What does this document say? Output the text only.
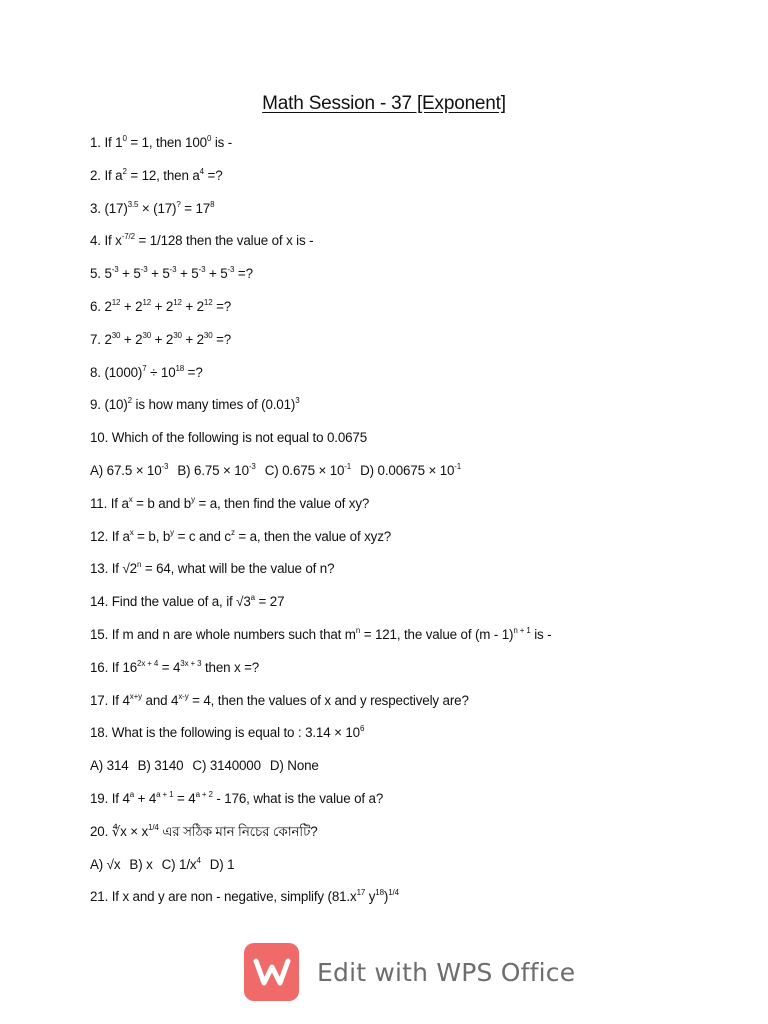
Math Session - 37 [Exponent]
1. If $1^0 = 1$, then $100^0$ is -
2. If $a^2 = 12$, then $a^4$ =?
3. $(17)^{3.5} \times (17)^? = 17^8$
4. If $x^{-7/2} = 1/128$ then the value of x is -
5. $5^{-3} + 5^{-3} + 5^{-3} + 5^{-3} + 5^{-3}$ =?
6. $2^{12} + 2^{12} + 2^{12} + 2^{12}$ =?
7. $2^{30} + 2^{30} + 2^{30} + 2^{30}$ =?
8. $(1000)^7 \div 10^{18}$ =?
9. $(10)^2$ is how many times of $(0.01)^3$
10. Which of the following is not equal to 0.0675
A) $67.5 \times 10^{-3}$ B) $6.75 \times 10^{-3}$ C) $0.675 \times 10^{-1}$ D) $0.00675 \times 10^{-1}$
11. If $a^x = b$ and $b^y = a$, then find the value of xy?
12. If $a^x = b$, $b^y = c$ and $c^z = a$, then the value of xyz?
13. If $√2^n = 64$, what will be the value of n?
14. Find the value of a, if $√3^a = 27$
15. If m and n are whole numbers such that $m^n = 121$, the value of (m - 1)$^{n + 1}$ is -
16. If $16^{2x + 4} = 4^{3x + 3}$ then x =?
17. If $4^{x+y}$ and $4^{x-y} = 4$, then the values of x and y respectively are?
18. What is the following is equal to : $3.14 \times 10^6$
A) 314 B) 3140 C) 3140000 D) None
19. If $4^a + 4^{a + 1} = 4^{a + 2} - 176$, what is the value of a?
20. ∜x × $x^{1/4}$ এর সঠিক মান নিচের কোনটি?
A) √x B) x C) $1/x^4$ D) 1
21. If x and y are non - negative, simplify ($81.x^{17}$ $y^{18})^{1/4}$
Edit with WPS Office
